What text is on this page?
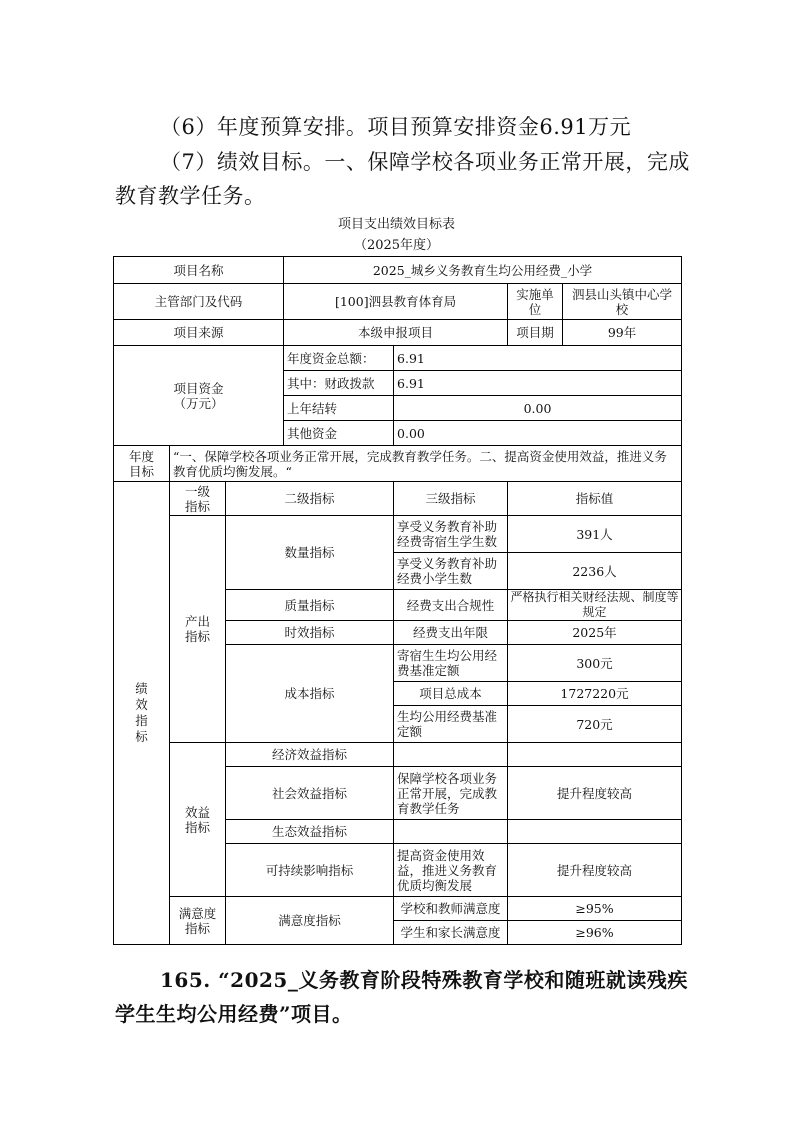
（6）年度预算安排。项目预算安排资金6.91万元
（7）绩效目标。一、保障学校各项业务正常开展，完成
教育教学任务。
项目支出绩效目标表
（2025年度）
项目名称			2025_城乡义务教育生均公用经费_小学			
主管部门及代码			[100]泗县教育体育局		实施单位	泗县山头镇中心学校
项目来源			本级申报项目		项目期	99年

项目资金（万元）			年度资金总额：	6.91		
			其中：财政拨款	6.91		
			上年结转	0.00		
			其他资金	0.00		

年度目标	“一、保障学校各项业务正常开展，完成教育教学任务。二、提高资金使用效益，推进义务教育优质均衡发展。“					
绩效指标	一级指标	二级指标		三级指标	指标值	

	产出指标	数量指标		享受义务教育补助经费寄宿生学生数	391人	
				享受义务教育补助经费小学生数	2236人	
		质量指标		经费支出合规性	严格执行相关财经法规、制度等规定	
		时效指标		经费支出年限	2025年	
		成本指标		寄宿生生均公用经费基准定额	300元	
				项目总成本	1727220元	
				生均公用经费基准定额	720元	

	效益指标	经济效益指标				
		社会效益指标		保障学校各项业务正常开展，完成教育教学任务	提升程度较高	
		生态效益指标				
		可持续影响指标		提高资金使用效益，推进义务教育优质均衡发展	提升程度较高	

	满意度指标	满意度指标		学校和教师满意度	≥95%	
				学生和家长满意度	≥96%	
165. “2025_义务教育阶段特殊教育学校和随班就读残疾
学生生均公用经费”项目。
